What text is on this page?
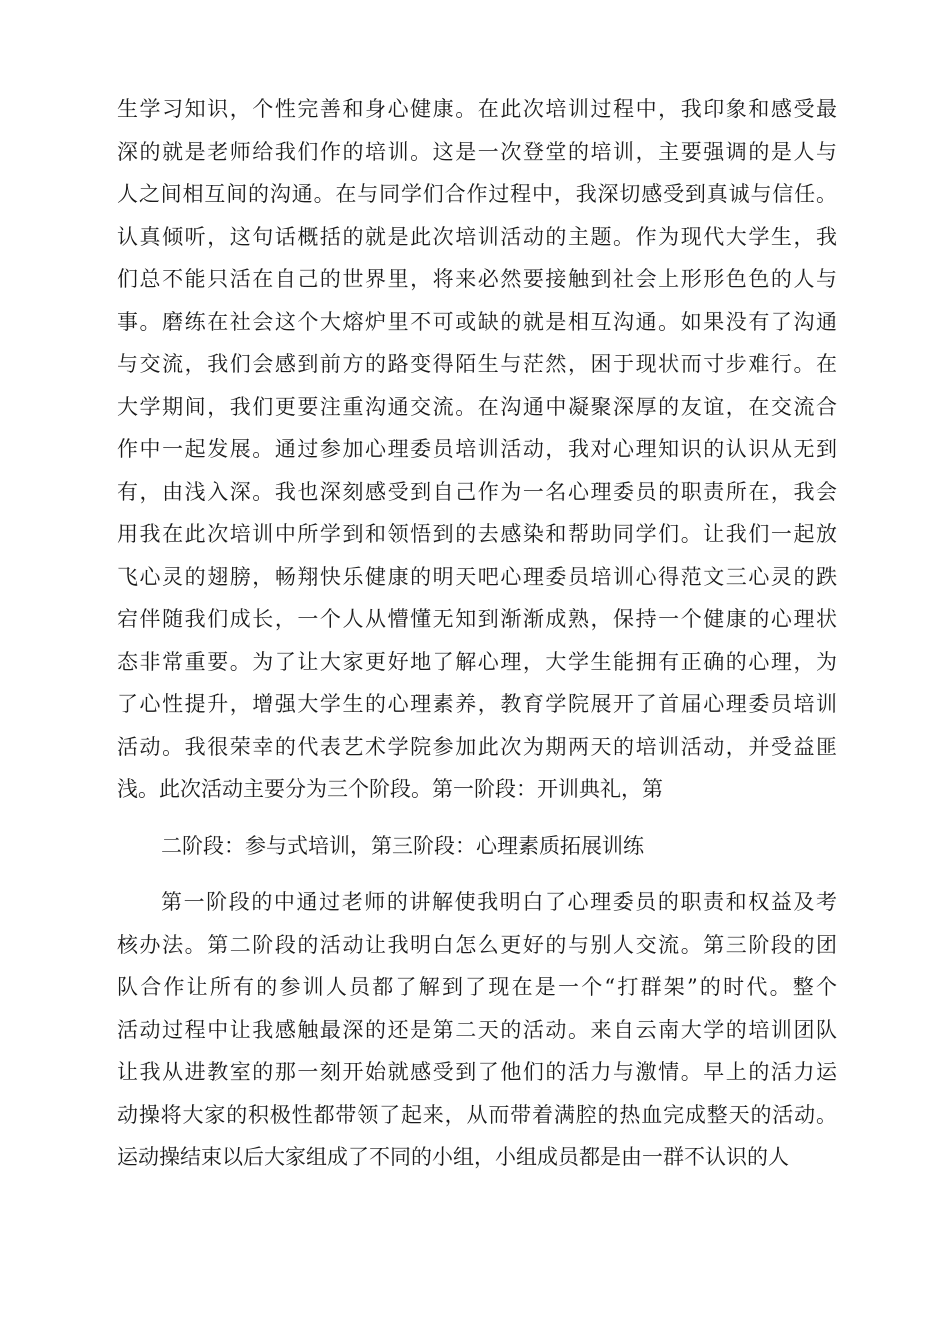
生学习知识，个性完善和身心健康。在此次培训过程中，我印象和感受最
深的就是老师给我们作的培训。这是一次登堂的培训，主要强调的是人与
人之间相互间的沟通。在与同学们合作过程中，我深切感受到真诚与信任。
认真倾听，这句话概括的就是此次培训活动的主题。作为现代大学生，我
们总不能只活在自己的世界里，将来必然要接触到社会上形形色色的人与
事。磨练在社会这个大熔炉里不可或缺的就是相互沟通。如果没有了沟通
与交流，我们会感到前方的路变得陌生与茫然，困于现状而寸步难行。在
大学期间，我们更要注重沟通交流。在沟通中凝聚深厚的友谊，在交流合
作中一起发展。通过参加心理委员培训活动，我对心理知识的认识从无到
有，由浅入深。我也深刻感受到自己作为一名心理委员的职责所在，我会
用我在此次培训中所学到和领悟到的去感染和帮助同学们。让我们一起放
飞心灵的翅膀，畅翔快乐健康的明天吧心理委员培训心得范文三心灵的跌
宕伴随我们成长，一个人从懵懂无知到渐渐成熟，保持一个健康的心理状
态非常重要。为了让大家更好地了解心理，大学生能拥有正确的心理，为
了心性提升，增强大学生的心理素养，教育学院展开了首届心理委员培训
活动。我很荣幸的代表艺术学院参加此次为期两天的培训活动，并受益匪
浅。此次活动主要分为三个阶段。第一阶段：开训典礼，第
二阶段：参与式培训，第三阶段：心理素质拓展训练
第一阶段的中通过老师的讲解使我明白了心理委员的职责和权益及考
核办法。第二阶段的活动让我明白怎么更好的与别人交流。第三阶段的团
队合作让所有的参训人员都了解到了现在是一个“打群架”的时代。整个
活动过程中让我感触最深的还是第二天的活动。来自云南大学的培训团队
让我从进教室的那一刻开始就感受到了他们的活力与激情。早上的活力运
动操将大家的积极性都带领了起来，从而带着满腔的热血完成整天的活动。
运动操结束以后大家组成了不同的小组，小组成员都是由一群不认识的人
